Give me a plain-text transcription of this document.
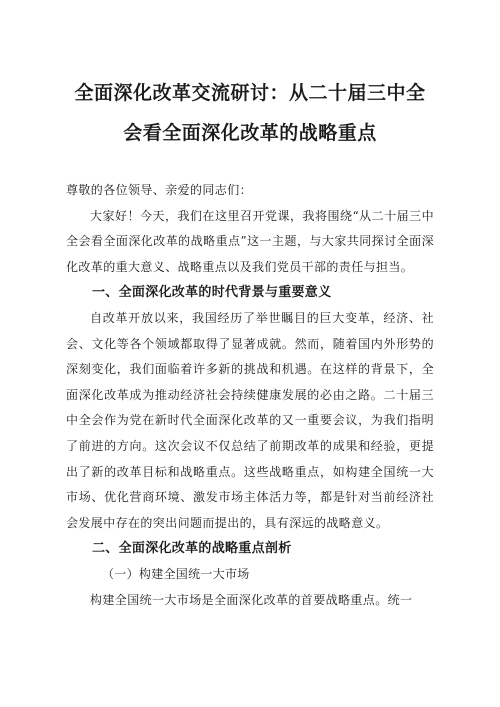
全面深化改革交流研讨：从二十届三中全
会看全面深化改革的战略重点

尊敬的各位领导、亲爱的同志们：

大家好！今天，我们在这里召开党课，我将围绕“从二十届三中全会看全面深化改革的战略重点”这一主题，与大家共同探讨全面深化改革的重大意义、战略重点以及我们党员干部的责任与担当。

一、全面深化改革的时代背景与重要意义

自改革开放以来，我国经历了举世瞩目的巨大变革，经济、社会、文化等各个领域都取得了显著成就。然而，随着国内外形势的深刻变化，我们面临着许多新的挑战和机遇。在这样的背景下，全面深化改革成为推动经济社会持续健康发展的必由之路。二十届三中全会作为党在新时代全面深化改革的又一重要会议，为我们指明了前进的方向。这次会议不仅总结了前期改革的成果和经验，更提出了新的改革目标和战略重点。这些战略重点，如构建全国统一大市场、优化营商环境、激发市场主体活力等，都是针对当前经济社会发展中存在的突出问题而提出的，具有深远的战略意义。

二、全面深化改革的战略重点剖析
（一）构建全国统一大市场

构建全国统一大市场是全面深化改革的首要战略重点。统一
